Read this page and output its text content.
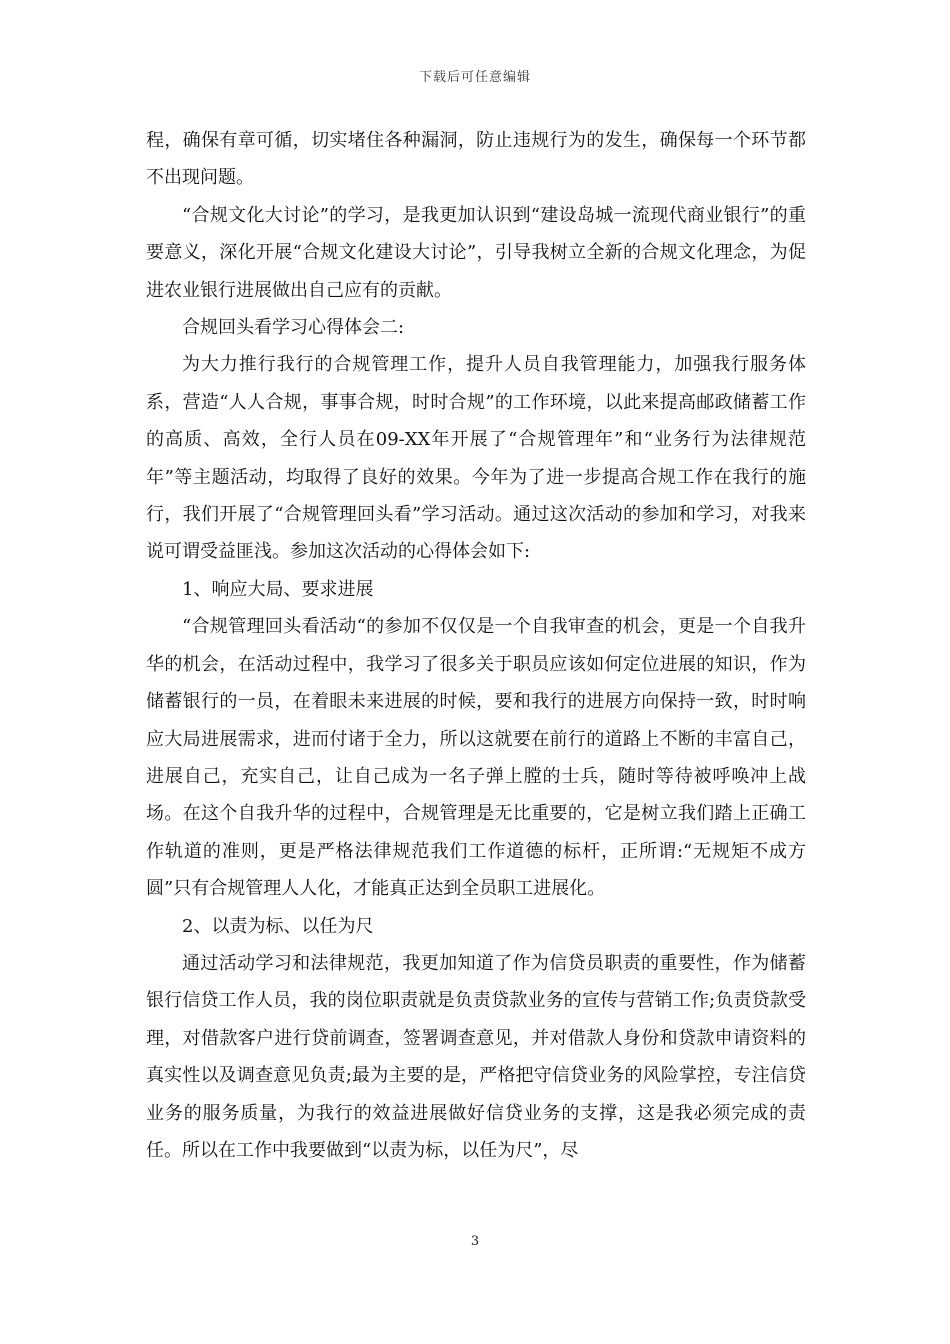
下载后可任意编辑

程，确保有章可循，切实堵住各种漏洞，防止违规行为的发生，确保每一个环节都不出现问题。

“合规文化大讨论”的学习，是我更加认识到“建设岛城一流现代商业银行”的重要意义，深化开展“合规文化建设大讨论”，引导我树立全新的合规文化理念，为促进农业银行进展做出自己应有的贡献。

合规回头看学习心得体会二:

为大力推行我行的合规管理工作，提升人员自我管理能力，加强我行服务体系，营造“人人合规，事事合规，时时合规”的工作环境，以此来提高邮政储蓄工作的高质、高效，全行人员在09-XX年开展了“合规管理年”和“业务行为法律规范年”等主题活动，均取得了良好的效果。今年为了进一步提高合规工作在我行的施行，我们开展了“合规管理回头看”学习活动。通过这次活动的参加和学习，对我来说可谓受益匪浅。参加这次活动的心得体会如下:

1、响应大局、要求进展

“合规管理回头看活动“的参加不仅仅是一个自我审查的机会，更是一个自我升华的机会，在活动过程中，我学习了很多关于职员应该如何定位进展的知识，作为储蓄银行的一员，在着眼未来进展的时候，要和我行的进展方向保持一致，时时响应大局进展需求，进而付诸于全力，所以这就要在前行的道路上不断的丰富自己，进展自己，充实自己，让自己成为一名子弹上膛的士兵，随时等待被呼唤冲上战场。在这个自我升华的过程中，合规管理是无比重要的，它是树立我们踏上正确工作轨道的准则，更是严格法律规范我们工作道德的标杆，正所谓:“无规矩不成方圆”只有合规管理人人化，才能真正达到全员职工进展化。

2、以责为标、以任为尺

通过活动学习和法律规范，我更加知道了作为信贷员职责的重要性，作为储蓄银行信贷工作人员，我的岗位职责就是负责贷款业务的宣传与营销工作;负责贷款受理，对借款客户进行贷前调查，签署调查意见，并对借款人身份和贷款申请资料的真实性以及调查意见负责;最为主要的是，严格把守信贷业务的风险掌控，专注信贷业务的服务质量，为我行的效益进展做好信贷业务的支撑，这是我必须完成的责任。所以在工作中我要做到“以责为标，以任为尺”，尽

3
